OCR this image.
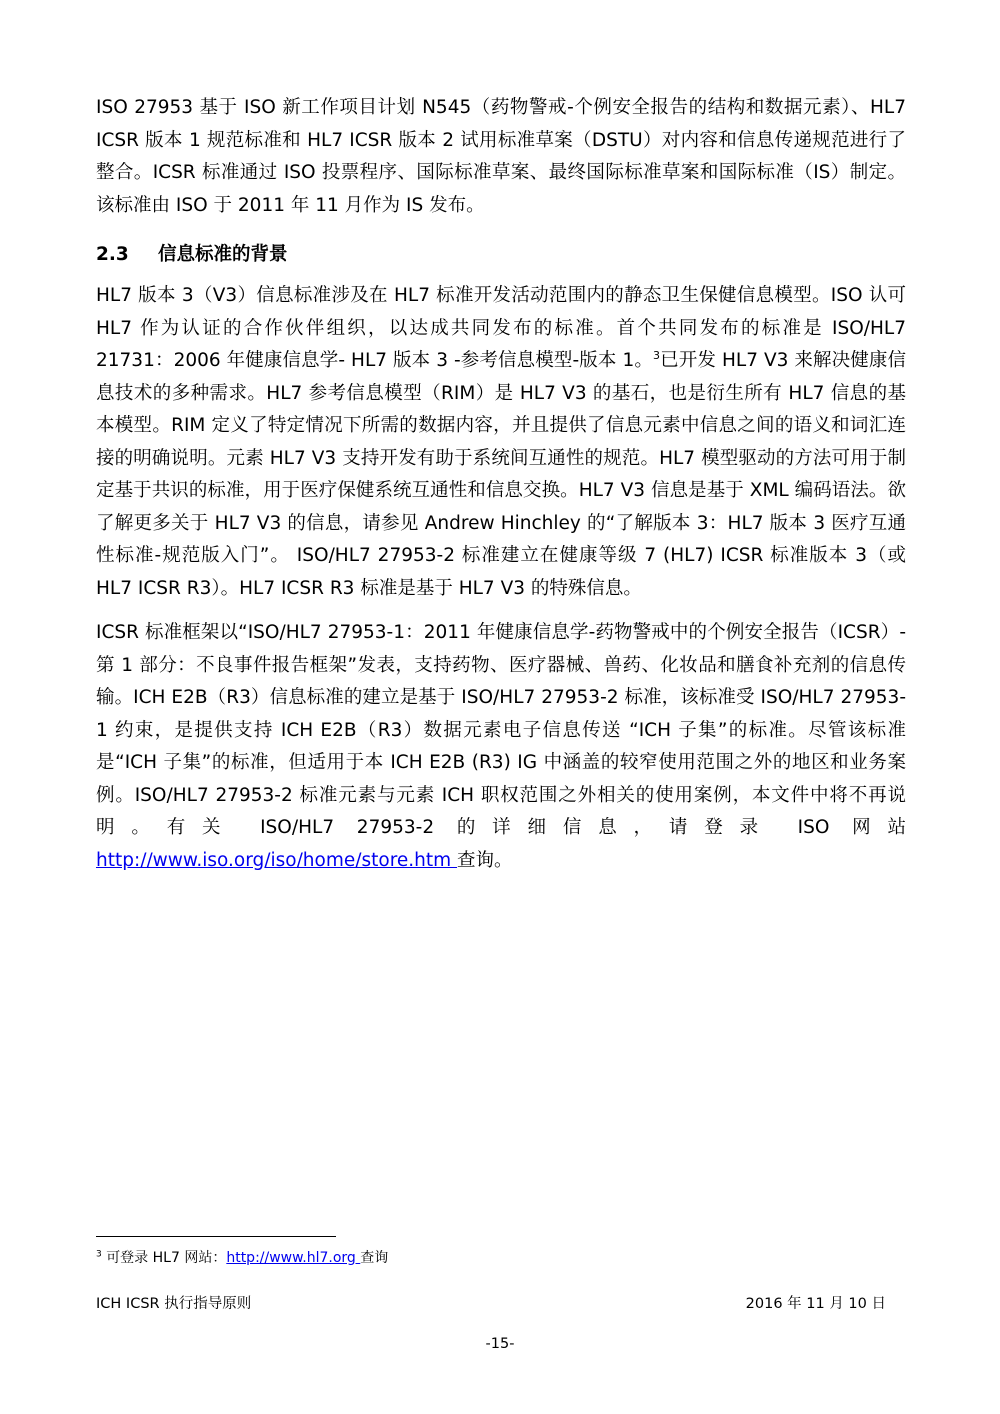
ISO 27953 基于 ISO 新工作项目计划 N545（药物警戒-个例安全报告的结构和数据元素）、HL7 ICSR 版本 1 规范标准和 HL7 ICSR 版本 2 试用标准草案（DSTU）对内容和信息传递规范进行了整合。ICSR 标准通过 ISO 投票程序、国际标准草案、最终国际标准草案和国际标准（IS）制定。该标准由 ISO 于 2011 年 11 月作为 IS 发布。

2.3	信息标准的背景

HL7 版本 3（V3）信息标准涉及在 HL7 标准开发活动范围内的静态卫生保健信息模型。ISO 认可 HL7 作为认证的合作伙伴组织，以达成共同发布的标准。首个共同发布的标准是 ISO/HL7 21731：2006 年健康信息学- HL7 版本 3 -参考信息模型-版本 1。$^3$已开发 HL7 V3 来解决健康信息技术的多种需求。HL7 参考信息模型（RIM）是 HL7 V3 的基石，也是衍生所有 HL7 信息的基本模型。RIM 定义了特定情况下所需的数据内容，并且提供了信息元素中信息之间的语义和词汇连接的明确说明。元素 HL7 V3 支持开发有助于系统间互通性的规范。HL7 模型驱动的方法可用于制定基于共识的标准，用于医疗保健系统互通性和信息交换。HL7 V3 信息是基于 XML 编码语法。欲了解更多关于 HL7 V3 的信息，请参见 Andrew Hinchley 的“了解版本 3：HL7 版本 3 医疗互通性标准-规范版入门”。 ISO/HL7 27953-2 标准建立在健康等级 7 (HL7) ICSR 标准版本 3（或 HL7 ICSR R3）。HL7 ICSR R3 标准是基于 HL7 V3 的特殊信息。

ICSR 标准框架以“ISO/HL7 27953-1：2011 年健康信息学-药物警戒中的个例安全报告（ICSR）-第 1 部分：不良事件报告框架”发表，支持药物、医疗器械、兽药、化妆品和膳食补充剂的信息传输。ICH E2B（R3）信息标准的建立是基于 ISO/HL7 27953-2 标准，该标准受 ISO/HL7 27953-1 约束，是提供支持 ICH E2B（R3）数据元素电子信息传送 “ICH 子集”的标准。尽管该标准是“ICH 子集”的标准，但适用于本 ICH E2B (R3) IG 中涵盖的较窄使用范围之外的地区和业务案例。ISO/HL7 27953-2 标准元素与元素 ICH 职权范围之外相关的使用案例，本文件中将不再说明。有关 ISO/HL7 27953-2 的详细信息，请登录 ISO 网站 http://www.iso.org/iso/home/store.htm 查询。

$^3$ 可登录 HL7 网站：http://www.hl7.org 查询
ICH ICSR 执行指导原则	2016 年 11 月 10 日
-15-
